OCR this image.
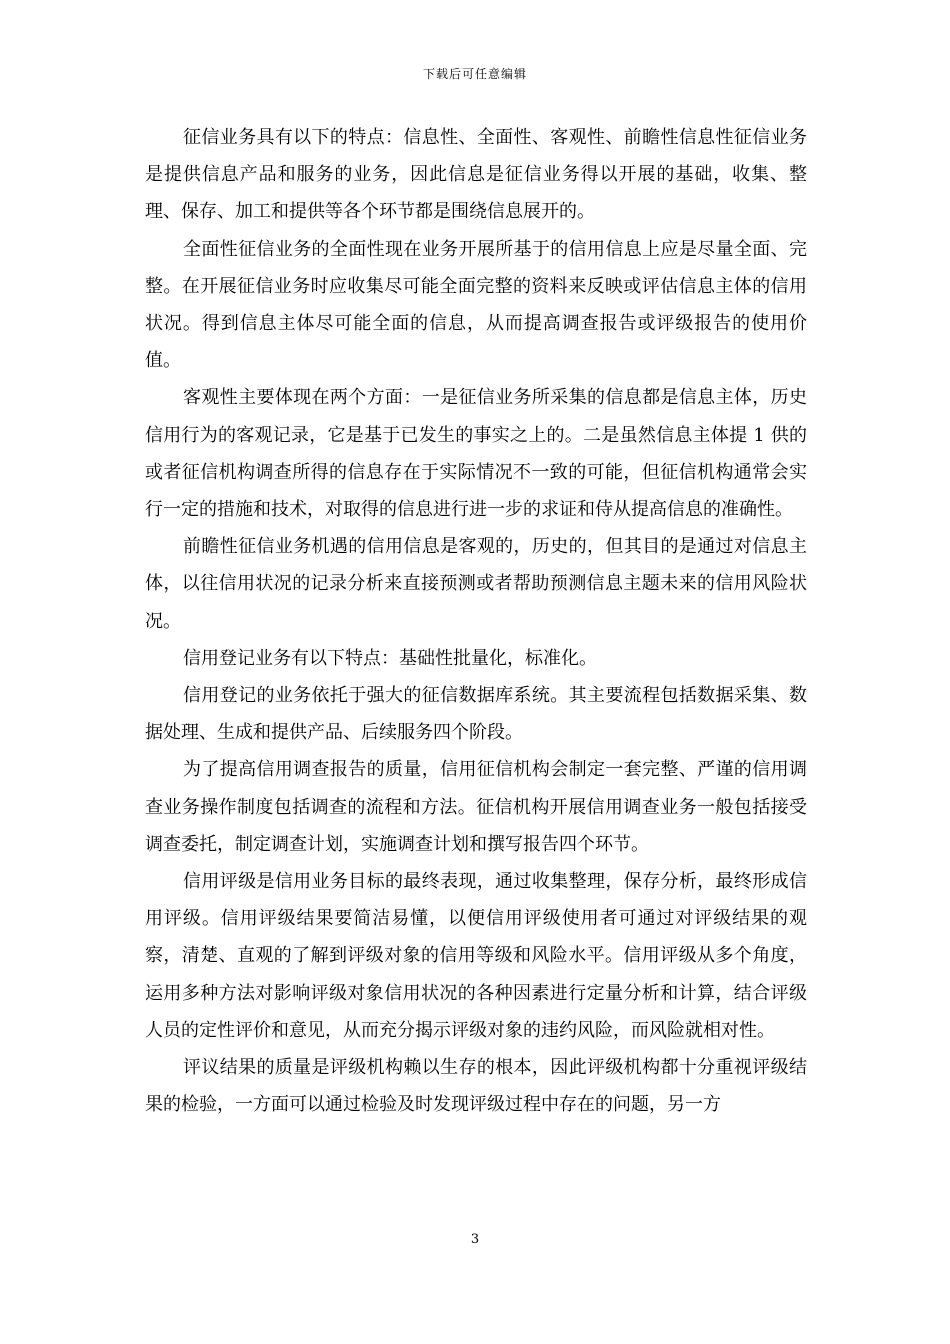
下载后可任意编辑

征信业务具有以下的特点：信息性、全面性、客观性、前瞻性信息性征信业务是提供信息产品和服务的业务，因此信息是征信业务得以开展的基础，收集、整理、保存、加工和提供等各个环节都是围绕信息展开的。

全面性征信业务的全面性现在业务开展所基于的信用信息上应是尽量全面、完整。在开展征信业务时应收集尽可能全面完整的资料来反映或评估信息主体的信用状况。得到信息主体尽可能全面的信息，从而提高调查报告或评级报告的使用价值。

客观性主要体现在两个方面：一是征信业务所采集的信息都是信息主体，历史信用行为的客观记录，它是基于已发生的事实之上的。二是虽然信息主体提 1 供的或者征信机构调查所得的信息存在于实际情况不一致的可能，但征信机构通常会实行一定的措施和技术，对取得的信息进行进一步的求证和侍从提高信息的准确性。

前瞻性征信业务机遇的信用信息是客观的，历史的，但其目的是通过对信息主体，以往信用状况的记录分析来直接预测或者帮助预测信息主题未来的信用风险状况。

信用登记业务有以下特点：基础性批量化，标准化。

信用登记的业务依托于强大的征信数据库系统。其主要流程包括数据采集、数据处理、生成和提供产品、后续服务四个阶段。

为了提高信用调查报告的质量，信用征信机构会制定一套完整、严谨的信用调查业务操作制度包括调查的流程和方法。征信机构开展信用调查业务一般包括接受调查委托，制定调查计划，实施调查计划和撰写报告四个环节。

信用评级是信用业务目标的最终表现，通过收集整理，保存分析，最终形成信用评级。信用评级结果要简洁易懂，以便信用评级使用者可通过对评级结果的观察，清楚、直观的了解到评级对象的信用等级和风险水平。信用评级从多个角度，运用多种方法对影响评级对象信用状况的各种因素进行定量分析和计算，结合评级人员的定性评价和意见，从而充分揭示评级对象的违约风险，而风险就相对性。

评议结果的质量是评级机构赖以生存的根本，因此评级机构都十分重视评级结果的检验，一方面可以通过检验及时发现评级过程中存在的问题，另一方

3
